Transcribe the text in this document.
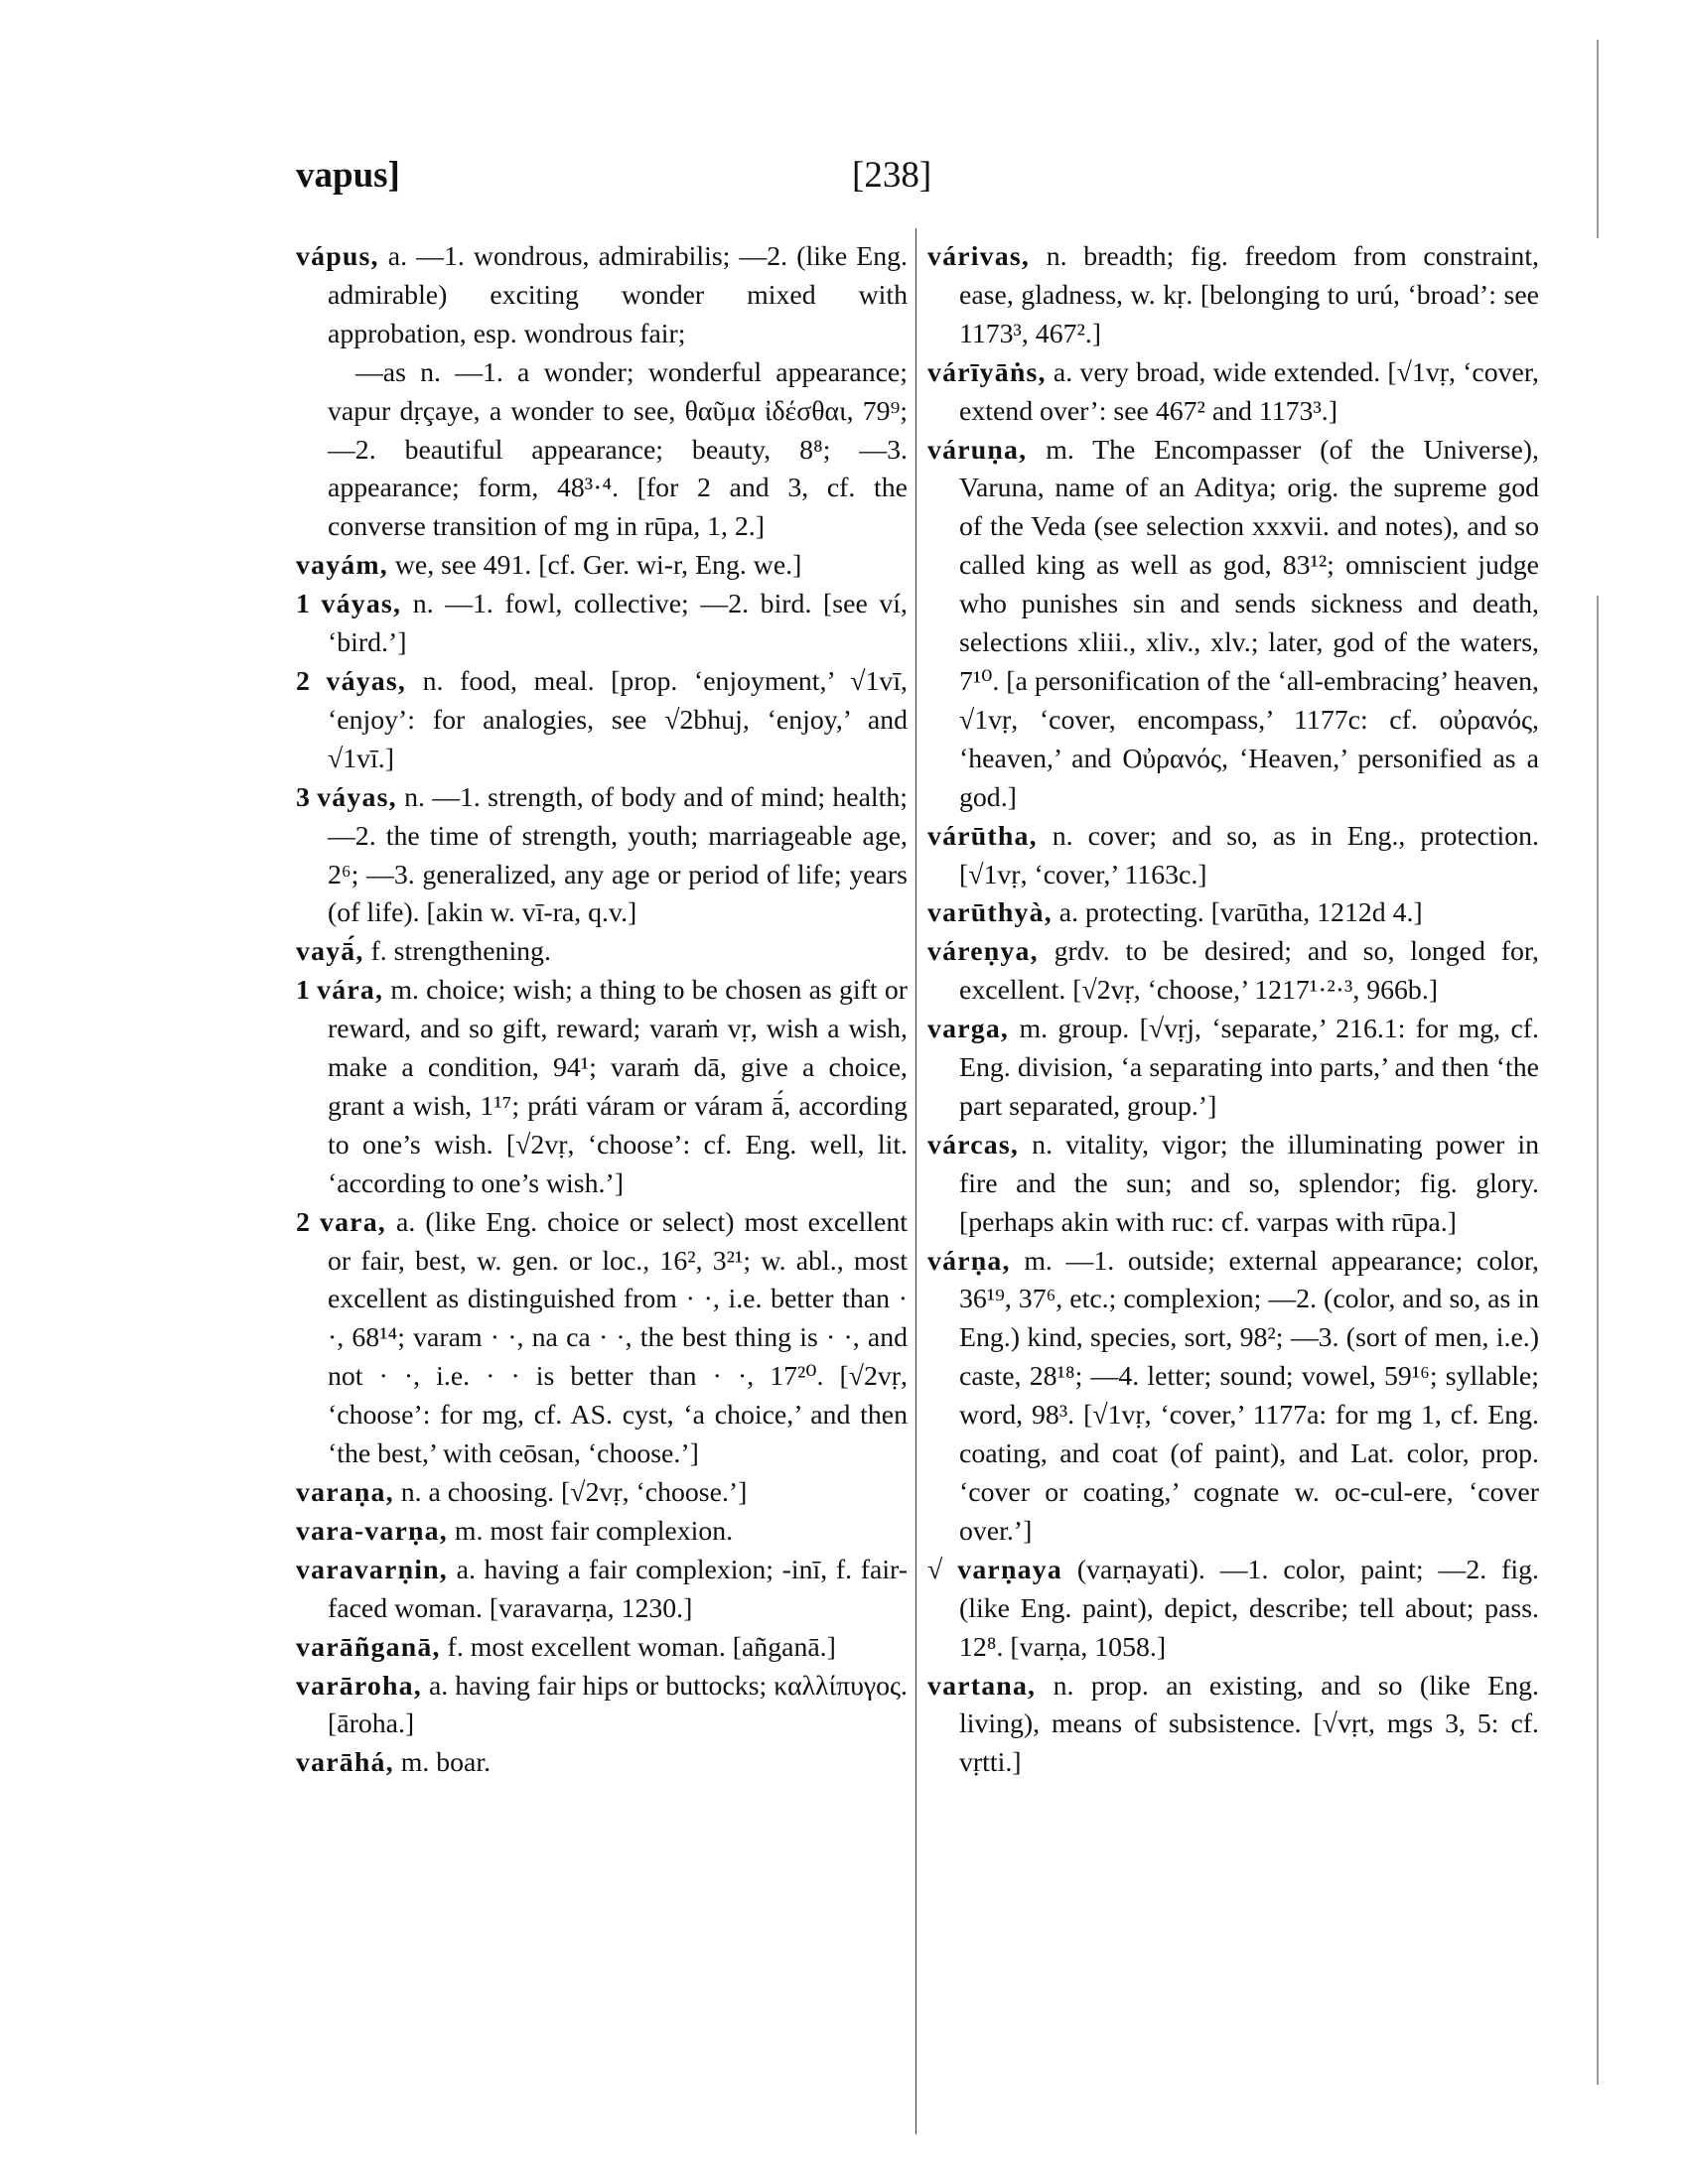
vapus]	[238]

vápus, a. —1. wondrous, admirabilis; —2. (like Eng. admirable) exciting wonder mixed with approbation, esp. wondrous fair;

—as n. —1. a wonder; wonderful appearance; vapur dṛçaye, a wonder to see, θαῦμα ἰδέσθαι, 79⁹; —2. beautiful appearance; beauty, 8⁸; —3. appearance; form, 48³·⁴. [for 2 and 3, cf. the converse transition of mg in rūpa, 1, 2.]

vayám, we, see 491. [cf. Ger. wi-r, Eng. we.]

1 váyas, n. —1. fowl, collective; —2. bird. [see ví, ‘bird.’]

2 váyas, n. food, meal. [prop. ‘enjoyment,’ √1vī, ‘enjoy’: for analogies, see √2bhuj, ‘enjoy,’ and √1vī.]

3 váyas, n. —1. strength, of body and of mind; health; —2. the time of strength, youth; marriageable age, 2⁶; —3. generalized, any age or period of life; years (of life). [akin w. vī-ra, q.v.]

vayā́, f. strengthening.

1 vára, m. choice; wish; a thing to be chosen as gift or reward, and so gift, reward; varaṁ vṛ, wish a wish, make a condition, 94¹; varaṁ dā, give a choice, grant a wish, 1¹⁷; práti váram or váram ā́, according to one’s wish. [√2vṛ, ‘choose’: cf. Eng. well, lit. ‘according to one’s wish.’]

2 vara, a. (like Eng. choice or select) most excellent or fair, best, w. gen. or loc., 16², 3²¹; w. abl., most excellent as distinguished from · ·, i.e. better than · ·, 68¹⁴; varam · ·, na ca · ·, the best thing is · ·, and not · ·, i.e. · · is better than · ·, 17²⁰. [√2vṛ, ‘choose’: for mg, cf. AS. cyst, ‘a choice,’ and then ‘the best,’ with ceōsan, ‘choose.’]

varaṇa, n. a choosing. [√2vṛ, ‘choose.’]

vara-varṇa, m. most fair complexion.

varavarṇin, a. having a fair complexion; -inī, f. fair-faced woman. [varavarṇa, 1230.]

varāñganā, f. most excellent woman. [añganā.]

varāroha, a. having fair hips or buttocks; καλλίπυγος. [āroha.]

varāhá, m. boar.

várivas, n. breadth; fig. freedom from constraint, ease, gladness, w. kṛ. [belonging to urú, ‘broad’: see 1173³, 467².]

várīyāṅs, a. very broad, wide extended. [√1vṛ, ‘cover, extend over’: see 467² and 1173³.]

váruṇa, m. The Encompasser (of the Universe), Varuna, name of an Aditya; orig. the supreme god of the Veda (see selection xxxvii. and notes), and so called king as well as god, 83¹²; omniscient judge who punishes sin and sends sickness and death, selections xliii., xliv., xlv.; later, god of the waters, 7¹⁰. [a personification of the ‘all-embracing’ heaven, √1vṛ, ‘cover, encompass,’ 1177c: cf. οὐρανός, ‘heaven,’ and Οὐρανός, ‘Heaven,’ personified as a god.]

várūtha, n. cover; and so, as in Eng., protection. [√1vṛ, ‘cover,’ 1163c.]

varūthyà, a. protecting. [varūtha, 1212d 4.]

váreṇya, grdv. to be desired; and so, longed for, excellent. [√2vṛ, ‘choose,’ 1217¹·²·³, 966b.]

varga, m. group. [√vṛj, ‘separate,’ 216.1: for mg, cf. Eng. division, ‘a separating into parts,’ and then ‘the part separated, group.’]

várcas, n. vitality, vigor; the illuminating power in fire and the sun; and so, splendor; fig. glory. [perhaps akin with ruc: cf. varpas with rūpa.]

várṇa, m. —1. outside; external appearance; color, 36¹⁹, 37⁶, etc.; complexion; —2. (color, and so, as in Eng.) kind, species, sort, 98²; —3. (sort of men, i.e.) caste, 28¹⁸; —4. letter; sound; vowel, 59¹⁶; syllable; word, 98³. [√1vṛ, ‘cover,’ 1177a: for mg 1, cf. Eng. coating, and coat (of paint), and Lat. color, prop. ‘cover or coating,’ cognate w. oc-cul-ere, ‘cover over.’]

√ varṇaya (varṇayati). —1. color, paint; —2. fig. (like Eng. paint), depict, describe; tell about; pass. 12⁸. [varṇa, 1058.]

vartana, n. prop. an existing, and so (like Eng. living), means of subsistence. [√vṛt, mgs 3, 5: cf. vṛtti.]
